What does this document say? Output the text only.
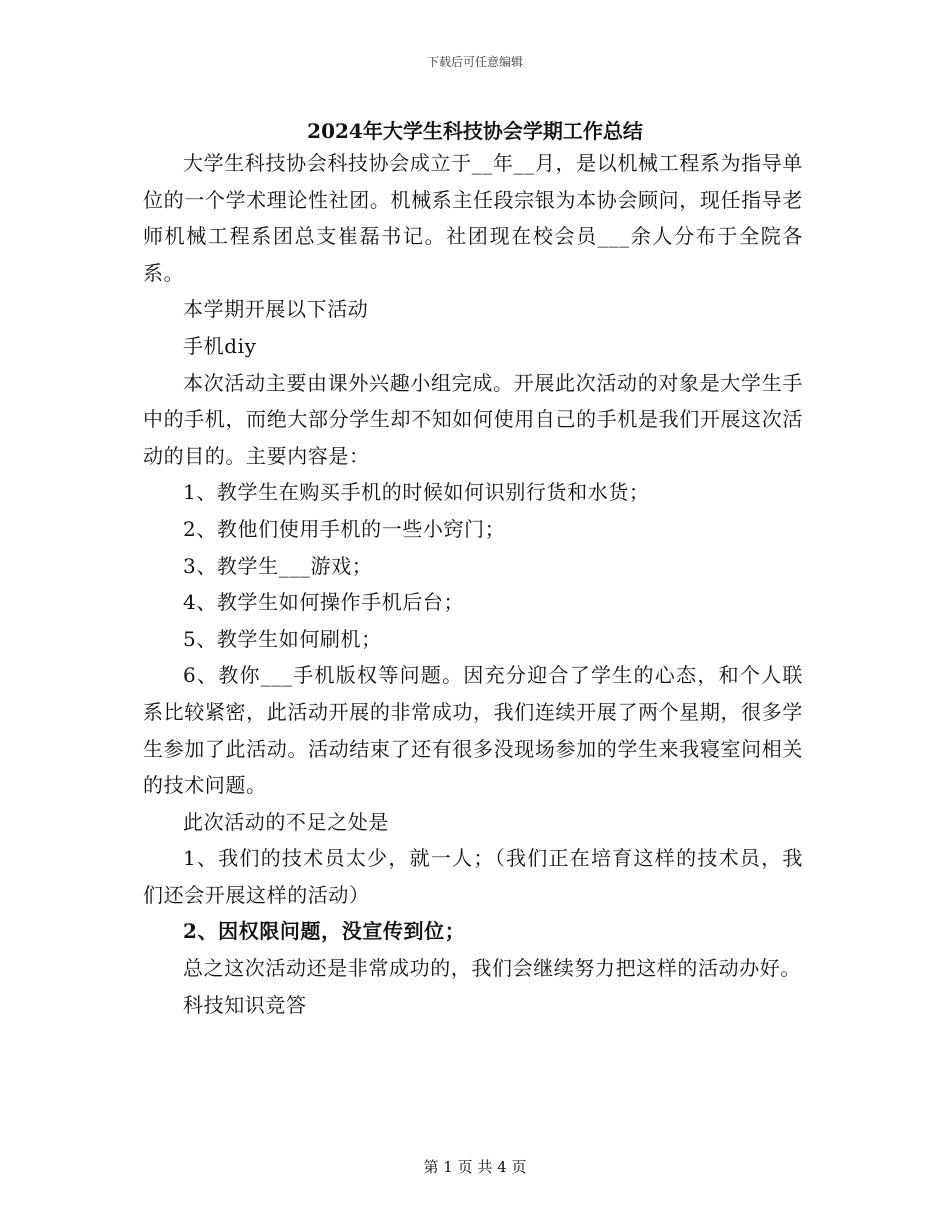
下载后可任意编辑
2024年大学生科技协会学期工作总结

大学生科技协会科技协会成立于__年__月，是以机械工程系为指导单位的一个学术理论性社团。机械系主任段宗银为本协会顾问，现任指导老师机械工程系团总支崔磊书记。社团现在校会员___余人分布于全院各系。

本学期开展以下活动

手机diy

本次活动主要由课外兴趣小组完成。开展此次活动的对象是大学生手中的手机，而绝大部分学生却不知如何使用自己的手机是我们开展这次活动的目的。主要内容是：

1、教学生在购买手机的时候如何识别行货和水货；

2、教他们使用手机的一些小窍门；

3、教学生___游戏；

4、教学生如何操作手机后台；

5、教学生如何刷机；

6、教你___手机版权等问题。因充分迎合了学生的心态，和个人联系比较紧密，此活动开展的非常成功，我们连续开展了两个星期，很多学生参加了此活动。活动结束了还有很多没现场参加的学生来我寝室问相关的技术问题。

此次活动的不足之处是

1、我们的技术员太少，就一人；（我们正在培育这样的技术员，我们还会开展这样的活动）

2、因权限问题，没宣传到位；

总之这次活动还是非常成功的，我们会继续努力把这样的活动办好。

科技知识竞答

第 1 页 共 4 页
